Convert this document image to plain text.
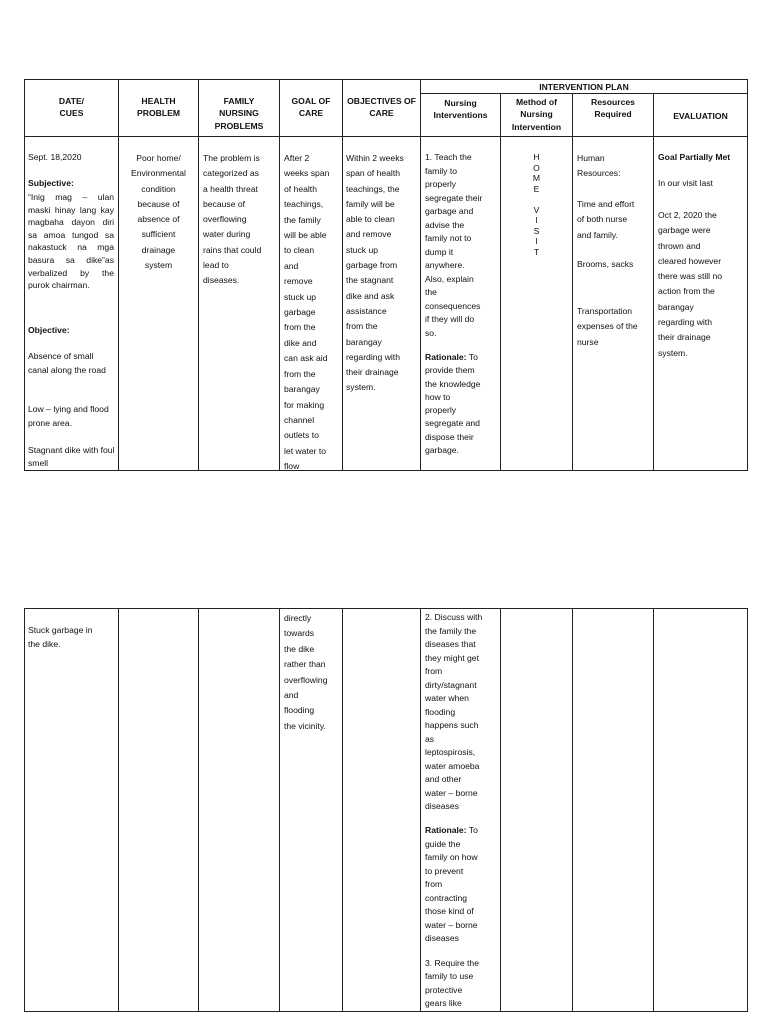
DATE/
CUES
HEALTH
PROBLEM
FAMILY
NURSING
PROBLEMS
GOAL OF
CARE
OBJECTIVES OF
CARE
INTERVENTION PLAN
Nursing
Interventions
Method of
Nursing
Intervention
Resources
Required	EVALUATION
Sept. 18,2020
Subjective:
“Inig mag – ulan maski hinay lang kay magbaha dayon diri sa amoa tungod sa nakastuck na mga basura sa dike”as verbalized by the purok chairman.
Objective:
Absence of small canal along the road
Low – lying and flood prone area.
Stagnant dike with foul smell
Poor home/
Environmental
condition
because of
absence of
sufficient
drainage
system
The problem is
categorized as
a health threat
because of
overflowing
water during
rains that could
lead to
diseases.
After 2
weeks span
of health
teachings,
the family
will be able
to clean
and
remove
stuck up
garbage
from the
dike and
can ask aid
from the
barangay
for making
channel
outlets to
let water to
flow
Within 2 weeks
span of health
teachings, the
family will be
able to clean
and remove
stuck up
garbage from
the stagnant
dike and ask
assistance
from the
barangay
regarding with
their drainage
system.
1. Teach the
family to
properly
segregate their
garbage and
advise the
family not to
dump it
anywhere.
Also, explain
the
consequences
if they will do
so.
Rationale: To
provide them
the knowledge
how to
properly
segregate and
dispose their
garbage.
H
O
M
E

V
I
S
I
T
Human
Resources:
Time and effort
of both nurse
and family.
Brooms, sacks
Transportation
expenses of the
nurse
Goal Partially Met
In our visit last
Oct 2, 2020 the
garbage were
thrown and
cleared however
there was still no
action from the
barangay
regarding with
their drainage
system.
Stuck garbage in
the dike.
directly
towards
the dike
rather than
overflowing
and
flooding
the vicinity.
2. Discuss with
the family the
diseases that
they might get
from
dirty/stagnant
water when
flooding
happens such
as
leptospirosis,
water amoeba
and other
water – borne
diseases
Rationale: To
guide the
family on how
to prevent
from
contracting
those kind of
water – borne
diseases
3. Require the
family to use
protective
gears like
